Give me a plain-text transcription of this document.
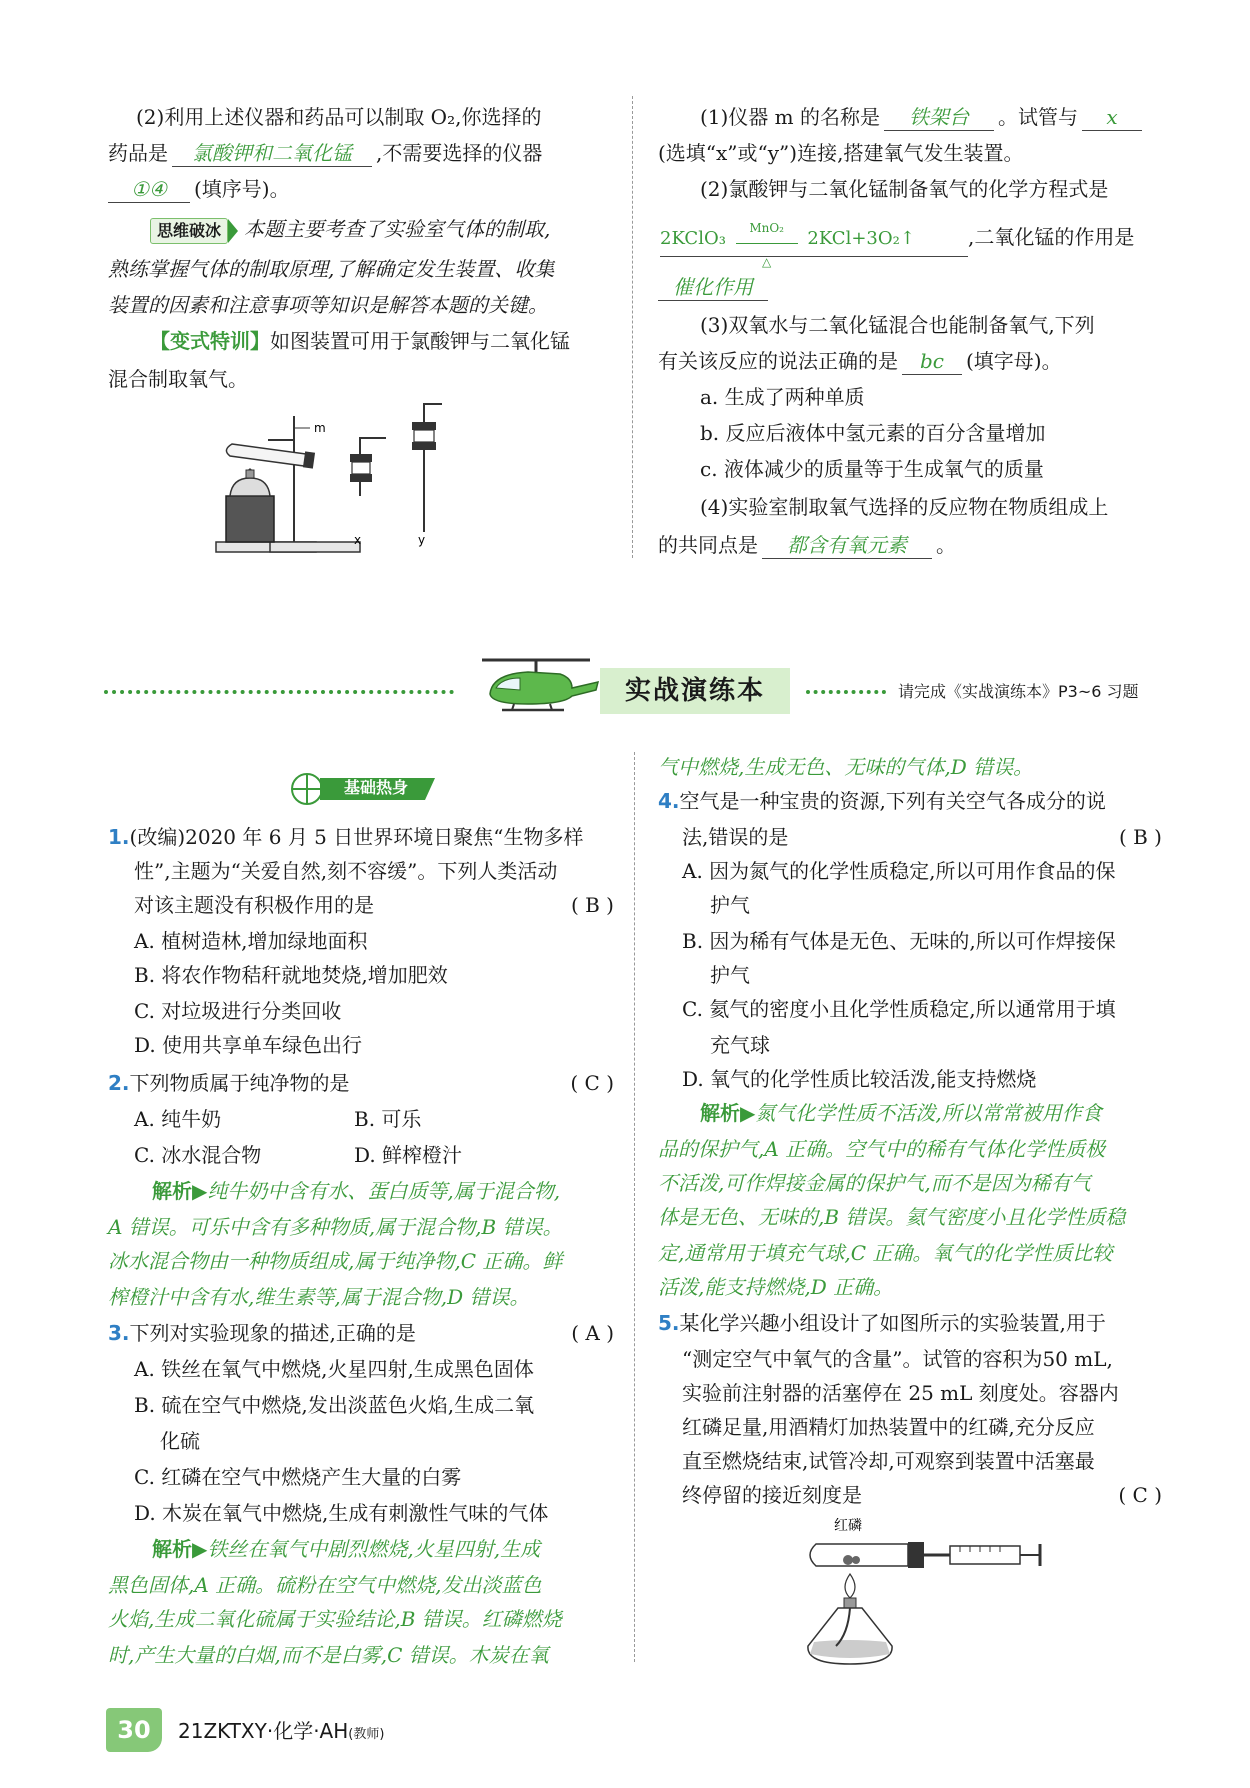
(2)利用上述仪器和药品可以制取 O₂,你选择的
药品是 氯酸钾和二氧化锰 ,不需要选择的仪器
①④ (填序号)。
思维破冰 本题主要考查了实验室气体的制取,
熟练掌握气体的制取原理,了解确定发生装置、收集
装置的因素和注意事项等知识是解答本题的关键。
【变式特训】如图装置可用于氯酸钾与二氧化锰
混合制取氧气。
m
x	y
(1)仪器 m 的名称是 铁架台 。试管与 x
(选填“x”或“y”)连接,搭建氧气发生装置。
(2)氯酸钾与二氧化锰制备氧气的化学方程式是
2KClO₃	MnO₂
△
2KCl+3O₂↑	,二氧化锰的作用是
催化作用
(3)双氧水与二氧化锰混合也能制备氧气,下列
有关该反应的说法正确的是 bc (填字母)。
a. 生成了两种单质
b. 反应后液体中氢元素的百分含量增加
c. 液体减少的质量等于生成氧气的质量
(4)实验室制取氧气选择的反应物在物质组成上
的共同点是 都含有氧元素 。
实战演练本	请完成《实战演练本》P3~6 习题
基础热身
1.(改编)2020 年 6 月 5 日世界环境日聚焦“生物多样
性”,主题为“关爱自然,刻不容缓”。下列人类活动
对该主题没有积极作用的是	( B )
A. 植树造林,增加绿地面积
B. 将农作物秸秆就地焚烧,增加肥效
C. 对垃圾进行分类回收
D. 使用共享单车绿色出行
2.下列物质属于纯净物的是	( C )
A. 纯牛奶	B. 可乐
C. 冰水混合物	D. 鲜榨橙汁
解析▶纯牛奶中含有水、蛋白质等,属于混合物,
A 错误。可乐中含有多种物质,属于混合物,B 错误。
冰水混合物由一种物质组成,属于纯净物,C 正确。鲜
榨橙汁中含有水,维生素等,属于混合物,D 错误。
3.下列对实验现象的描述,正确的是	( A )
A. 铁丝在氧气中燃烧,火星四射,生成黑色固体
B. 硫在空气中燃烧,发出淡蓝色火焰,生成二氧
化硫
C. 红磷在空气中燃烧产生大量的白雾
D. 木炭在氧气中燃烧,生成有刺激性气味的气体
解析▶铁丝在氧气中剧烈燃烧,火星四射,生成
黑色固体,A 正确。硫粉在空气中燃烧,发出淡蓝色
火焰,生成二氧化硫属于实验结论,B 错误。红磷燃烧
时,产生大量的白烟,而不是白雾,C 错误。木炭在氧
气中燃烧,生成无色、无味的气体,D 错误。
4.空气是一种宝贵的资源,下列有关空气各成分的说
法,错误的是	( B )
A. 因为氮气的化学性质稳定,所以可用作食品的保
护气
B. 因为稀有气体是无色、无味的,所以可作焊接保
护气
C. 氦气的密度小且化学性质稳定,所以通常用于填
充气球
D. 氧气的化学性质比较活泼,能支持燃烧
解析▶氮气化学性质不活泼,所以常常被用作食
品的保护气,A 正确。空气中的稀有气体化学性质极
不活泼,可作焊接金属的保护气,而不是因为稀有气
体是无色、无味的,B 错误。氦气密度小且化学性质稳
定,通常用于填充气球,C 正确。氧气的化学性质比较
活泼,能支持燃烧,D 正确。
5.某化学兴趣小组设计了如图所示的实验装置,用于
“测定空气中氧气的含量”。试管的容积为50 mL,
实验前注射器的活塞停在 25 mL 刻度处。容器内
红磷足量,用酒精灯加热装置中的红磷,充分反应
直至燃烧结束,试管冷却,可观察到装置中活塞最
终停留的接近刻度是	( C )
红磷
30	21ZKTXY·化学·AH(教师)
